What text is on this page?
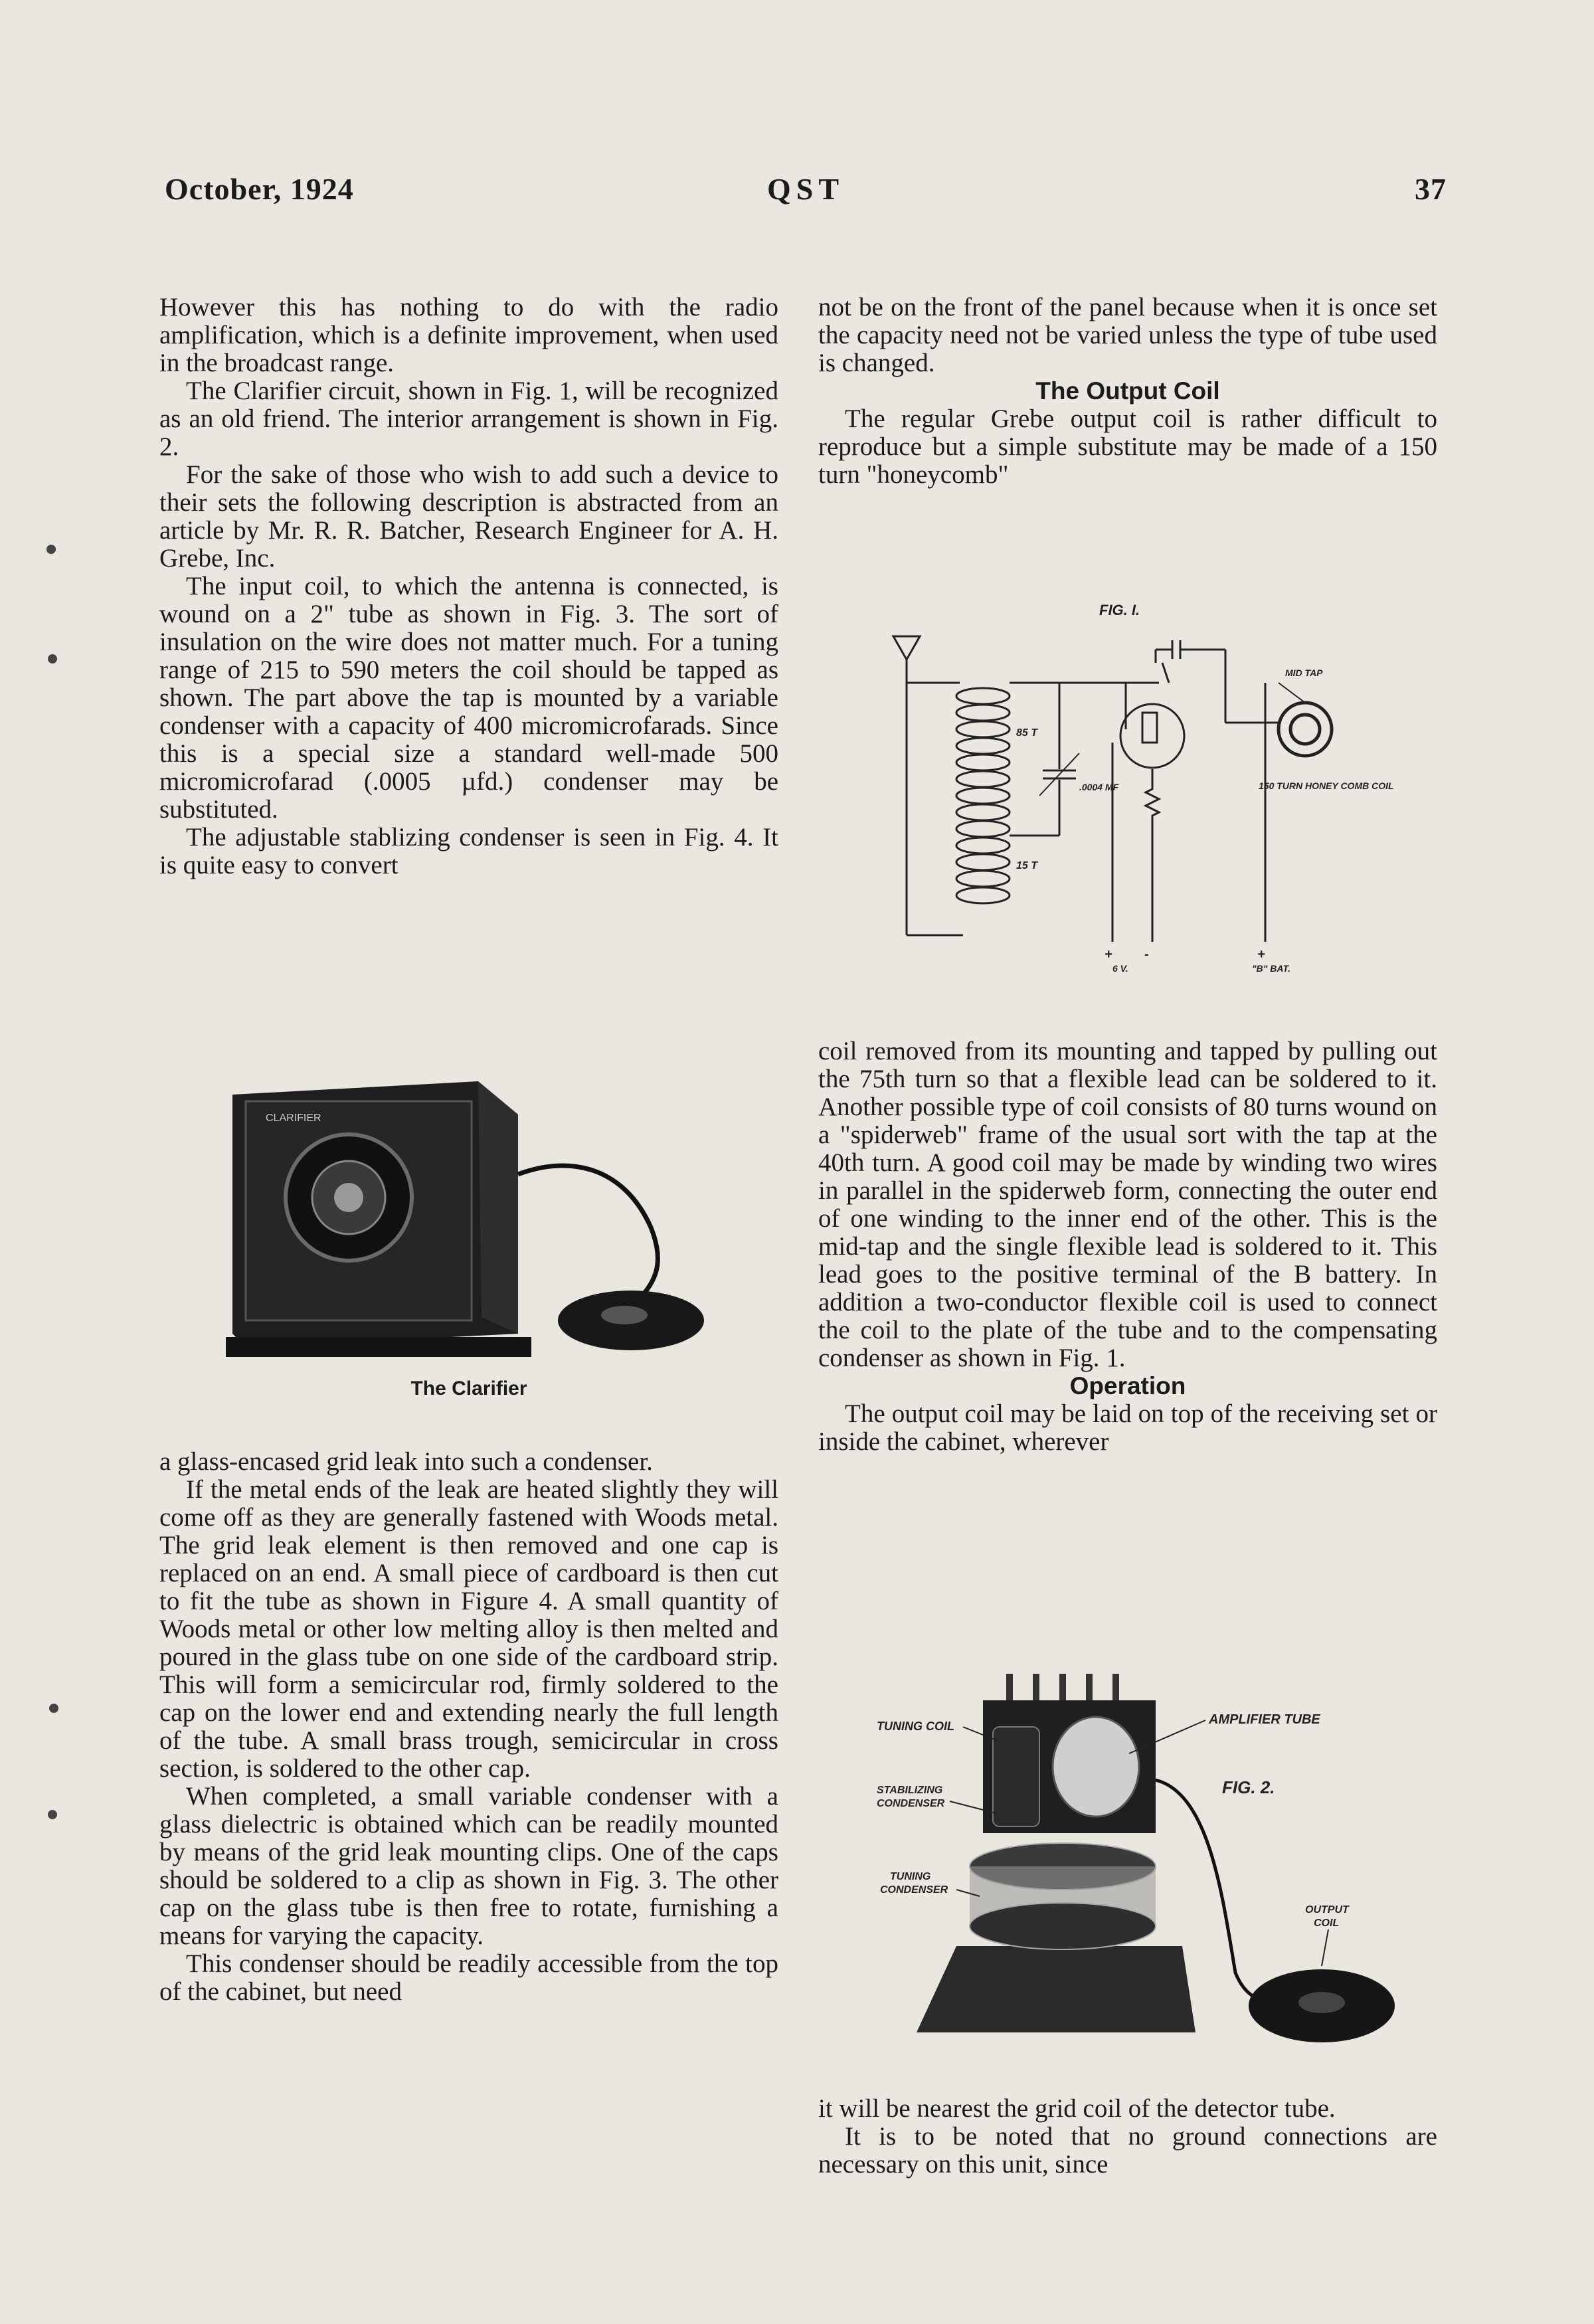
October, 1924	QST	37

However this has nothing to do with the radio amplification, which is a definite improvement, when used in the broadcast range.

The Clarifier circuit, shown in Fig. 1, will be recognized as an old friend. The interior arrangement is shown in Fig. 2.

For the sake of those who wish to add such a device to their sets the following description is abstracted from an article by Mr. R. R. Batcher, Research Engineer for A. H. Grebe, Inc.

The input coil, to which the antenna is connected, is wound on a 2" tube as shown in Fig. 3. The sort of insulation on the wire does not matter much. For a tuning range of 215 to 590 meters the coil should be tapped as shown. The part above the tap is mounted by a variable condenser with a capacity of 400 micromicrofarads. Since this is a special size a standard well-made 500 micromicrofarad (.0005 µfd.) condenser may be substituted.

The adjustable stablizing condenser is seen in Fig. 4. It is quite easy to convert

CLARIFIER
The Clarifier

a glass-encased grid leak into such a condenser.

If the metal ends of the leak are heated slightly they will come off as they are generally fastened with Woods metal. The grid leak element is then removed and one cap is replaced on an end. A small piece of cardboard is then cut to fit the tube as shown in Figure 4. A small quantity of Woods metal or other low melting alloy is then melted and poured in the glass tube on one side of the cardboard strip. This will form a semicircular rod, firmly soldered to the cap on the lower end and extending nearly the full length of the tube. A small brass trough, semicircular in cross section, is soldered to the other cap.

When completed, a small variable condenser with a glass dielectric is obtained which can be readily mounted by means of the grid leak mounting clips. One of the caps should be soldered to a clip as shown in Fig. 3. The other cap on the glass tube is then free to rotate, furnishing a means for varying the capacity.

This condenser should be readily accessible from the top of the cabinet, but need

not be on the front of the panel because when it is once set the capacity need not be varied unless the type of tube used is changed.

The Output Coil

The regular Grebe output coil is rather difficult to reproduce but a simple substitute may be made of a 150 turn "honeycomb"

FIG. I.
85 T
15 T
.0004 MF
MID TAP
150 TURN HONEY COMB COIL
+ -	+
6 V.	"B" BAT.

coil removed from its mounting and tapped by pulling out the 75th turn so that a flexible lead can be soldered to it. Another possible type of coil consists of 80 turns wound on a "spiderweb" frame of the usual sort with the tap at the 40th turn. A good coil may be made by winding two wires in parallel in the spiderweb form, connecting the outer end of one winding to the inner end of the other. This is the mid-tap and the single flexible lead is soldered to it. This lead goes to the positive terminal of the B battery. In addition a two-conductor flexible coil is used to connect the coil to the plate of the tube and to the compensating condenser as shown in Fig. 1.

Operation

The output coil may be laid on top of the receiving set or inside the cabinet, wherever

TUNING COIL	AMPLIFIER TUBE
FIG. 2.
STABILIZING
CONDENSER
TUNING
CONDENSER
OUTPUT
COIL

it will be nearest the grid coil of the detector tube.

It is to be noted that no ground connections are necessary on this unit, since
